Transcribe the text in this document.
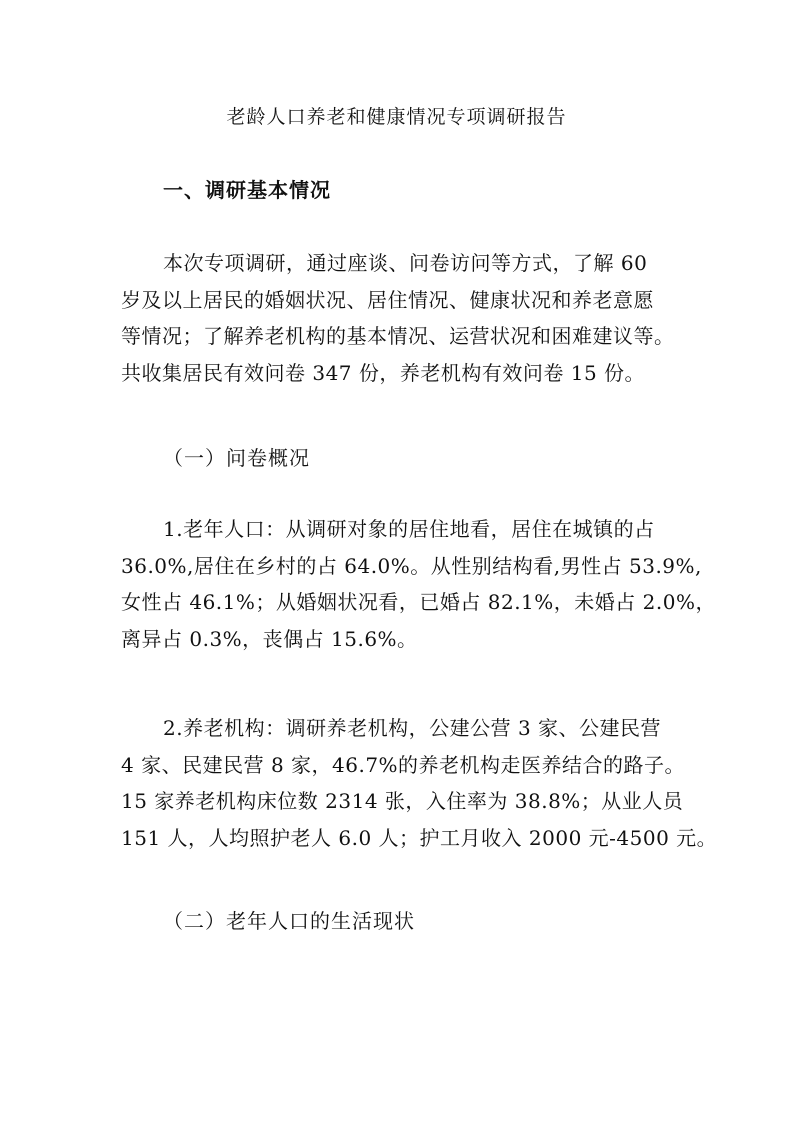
老龄人口养老和健康情况专项调研报告
一、调研基本情况
本次专项调研，通过座谈、问卷访问等方式，了解 60
岁及以上居民的婚姻状况、居住情况、健康状况和养老意愿
等情况；了解养老机构的基本情况、运营状况和困难建议等。
共收集居民有效问卷 347 份，养老机构有效问卷 15 份。
（一）问卷概况
1.老年人口：从调研对象的居住地看，居住在城镇的占
36.0%,居住在乡村的占 64.0%。从性别结构看,男性占 53.9%,
女性占 46.1%；从婚姻状况看，已婚占 82.1%，未婚占 2.0%，
离异占 0.3%，丧偶占 15.6%。
2.养老机构：调研养老机构，公建公营 3 家、公建民营
4 家、民建民营 8 家，46.7%的养老机构走医养结合的路子。
15 家养老机构床位数 2314 张，入住率为 38.8%；从业人员
151 人，人均照护老人 6.0 人；护工月收入 2000 元-4500 元。
（二）老年人口的生活现状
